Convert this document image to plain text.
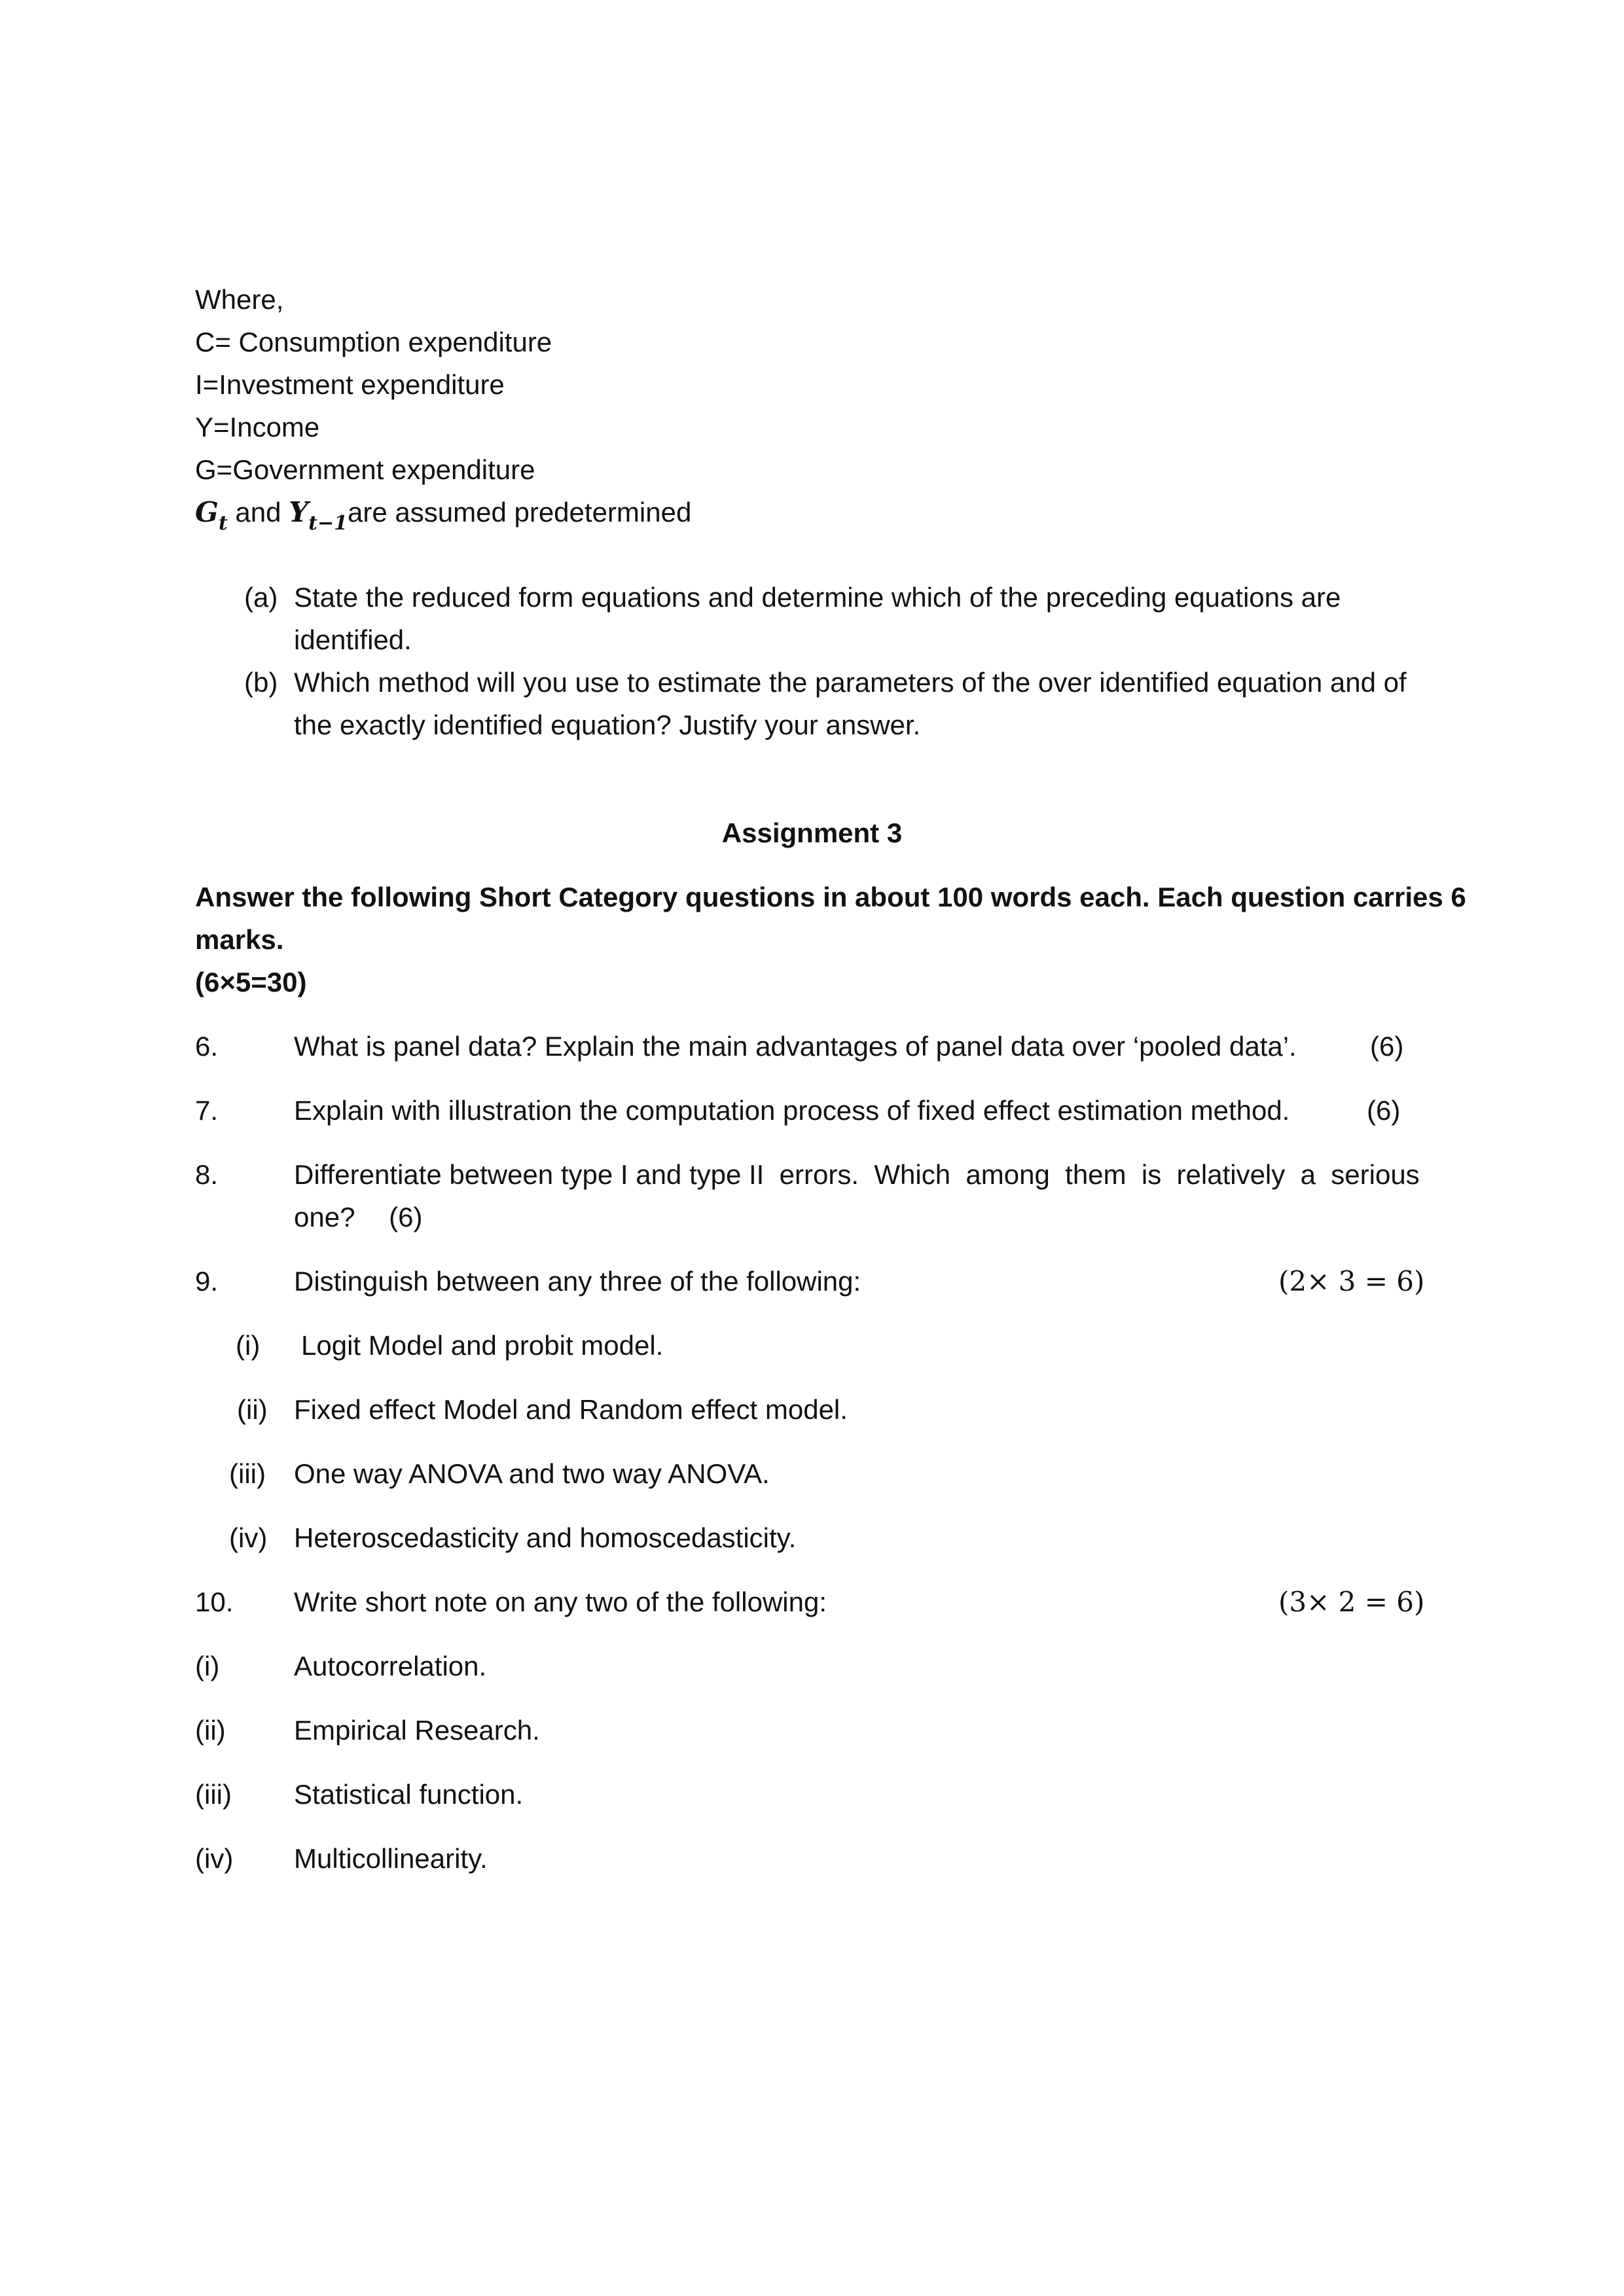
Where,
C= Consumption expenditure
I=Investment expenditure
Y=Income
G=Government expenditure
$G_t$ and $Y_{t-1}are$ assumed predetermined
(a) State the reduced form equations and determine which of the preceding equations are
identified.
(b) Which method will you use to estimate the parameters of the over identified equation and of
the exactly identified equation? Justify your answer.
Assignment 3
Answer the following Short Category questions in about 100 words each. Each question carries 6
marks.
(6×5=30)
6.	What is panel data? Explain the main advantages of panel data over ‘pooled data’.	(6)
7.	Explain with illustration the computation process of fixed effect estimation method.	(6)
8.	Differentiate between type I and type II  errors.  Which  among  them  is  relatively  a  serious
one? (6)
9.	Distinguish between any three of the following:	(2× 3 = 6)
(i) Logit Model and probit model.
(ii) Fixed effect Model and Random effect model.
(iii) One way ANOVA and two way ANOVA.
(iv) Heteroscedasticity and homoscedasticity.
10. Write short note on any two of the following:	(3× 2 = 6)
(i)	Autocorrelation.
(ii) Empirical Research.
(iii) Statistical function.
(iv) Multicollinearity.
